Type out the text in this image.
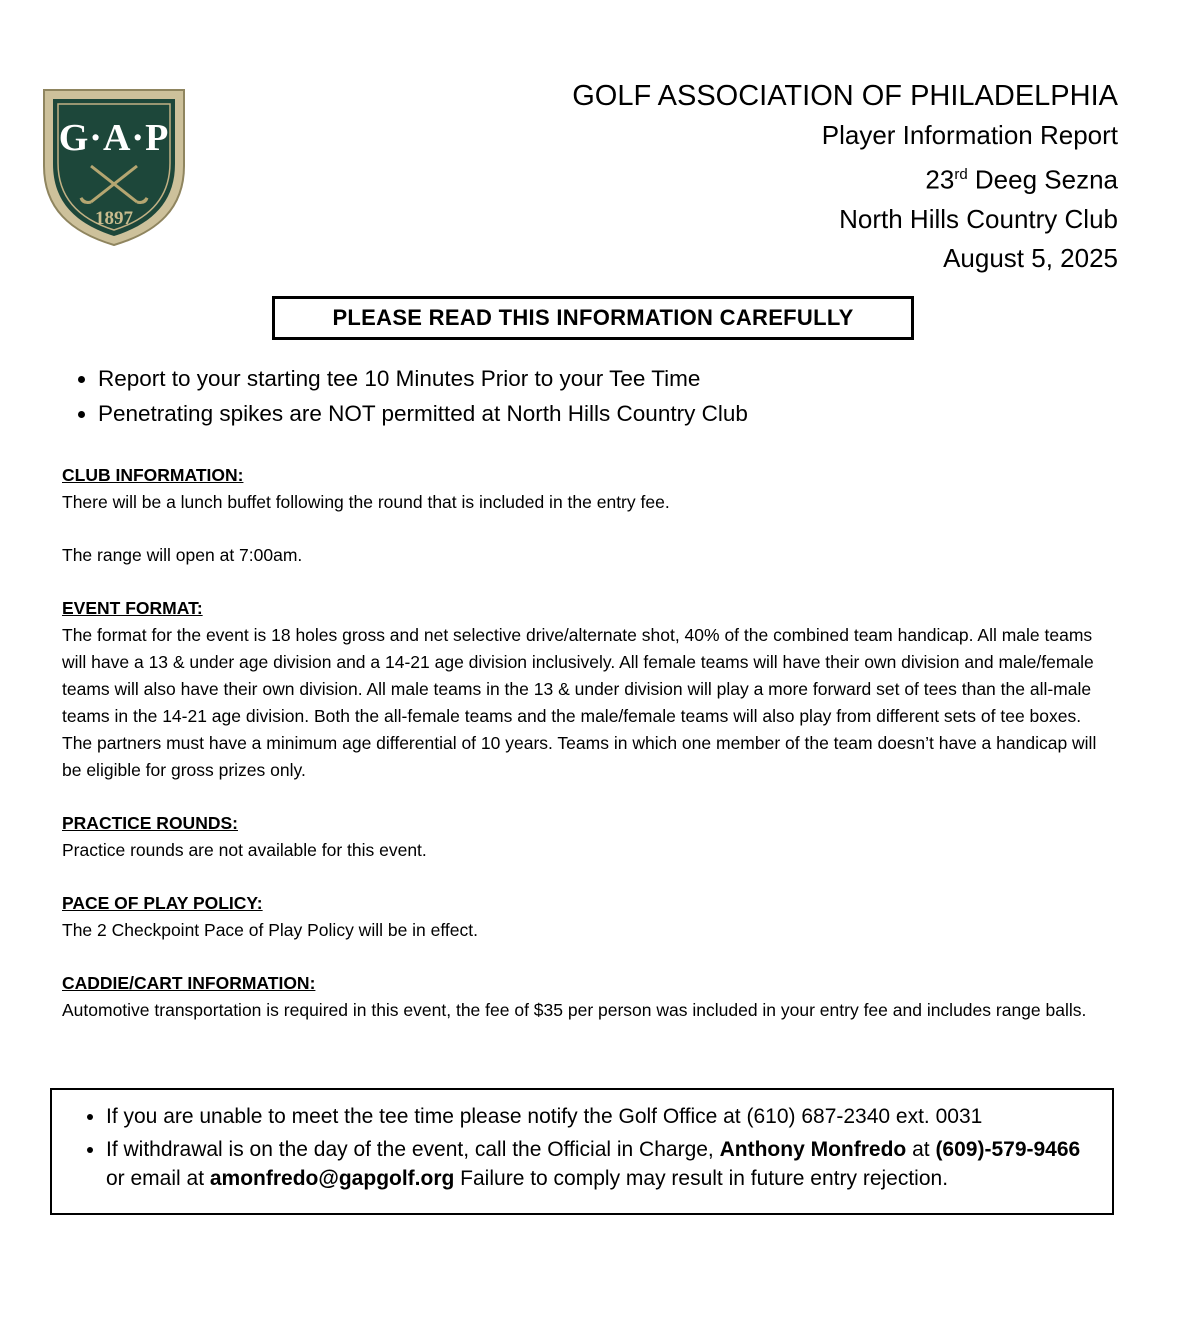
G·A·P
1897
GOLF ASSOCIATION OF PHILADELPHIA
Player Information Report
23rd Deeg Sezna
North Hills Country Club
August 5, 2025
PLEASE READ THIS INFORMATION CAREFULLY
• Report to your starting tee 10 Minutes Prior to your Tee Time
• Penetrating spikes are NOT permitted at North Hills Country Club
CLUB INFORMATION:

There will be a lunch buffet following the round that is included in the entry fee.

The range will open at 7:00am.

EVENT FORMAT:

The format for the event is 18 holes gross and net selective drive/alternate shot, 40% of the combined team handicap. All male teams will have a 13 & under age division and a 14-21 age division inclusively. All female teams will have their own division and male/female teams will also have their own division. All male teams in the 13 & under division will play a more forward set of tees than the all-male teams in the 14-21 age division. Both the all-female teams and the male/female teams will also play from different sets of tee boxes. The partners must have a minimum age differential of 10 years. Teams in which one member of the team doesn’t have a handicap will be eligible for gross prizes only.

PRACTICE ROUNDS:

Practice rounds are not available for this event.

PACE OF PLAY POLICY:

The 2 Checkpoint Pace of Play Policy will be in effect.

CADDIE/CART INFORMATION:

Automotive transportation is required in this event, the fee of $35 per person was included in your entry fee and includes range balls.

• If you are unable to meet the tee time please notify the Golf Office at (610) 687-2340 ext. 0031
• If withdrawal is on the day of the event, call the Official in Charge, Anthony Monfredo at (609)-579-9466 or email at amonfredo@gapgolf.org Failure to comply may result in future entry rejection.
